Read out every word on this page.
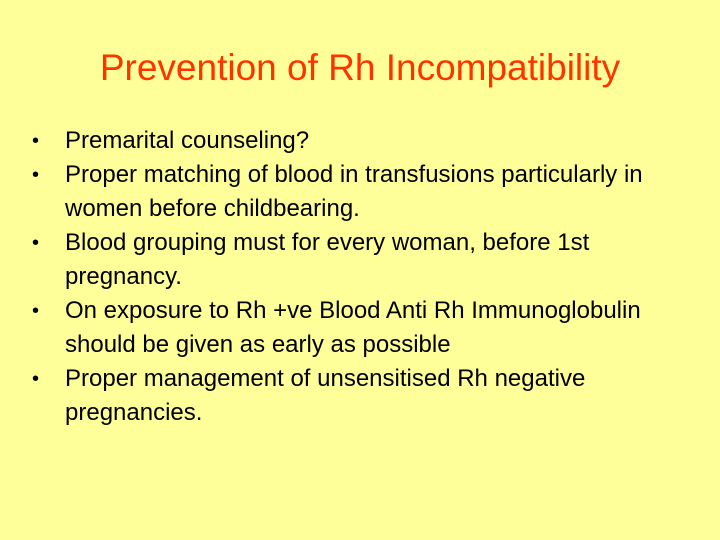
Prevention of Rh Incompatibility
• Premarital counseling?
• Proper matching of blood in transfusions particularly in women before childbearing.
• Blood grouping must for every woman, before 1st pregnancy.
• On exposure to Rh +ve Blood Anti Rh Immunoglobulin should be given as early as possible
• Proper management of unsensitised Rh negative pregnancies.
